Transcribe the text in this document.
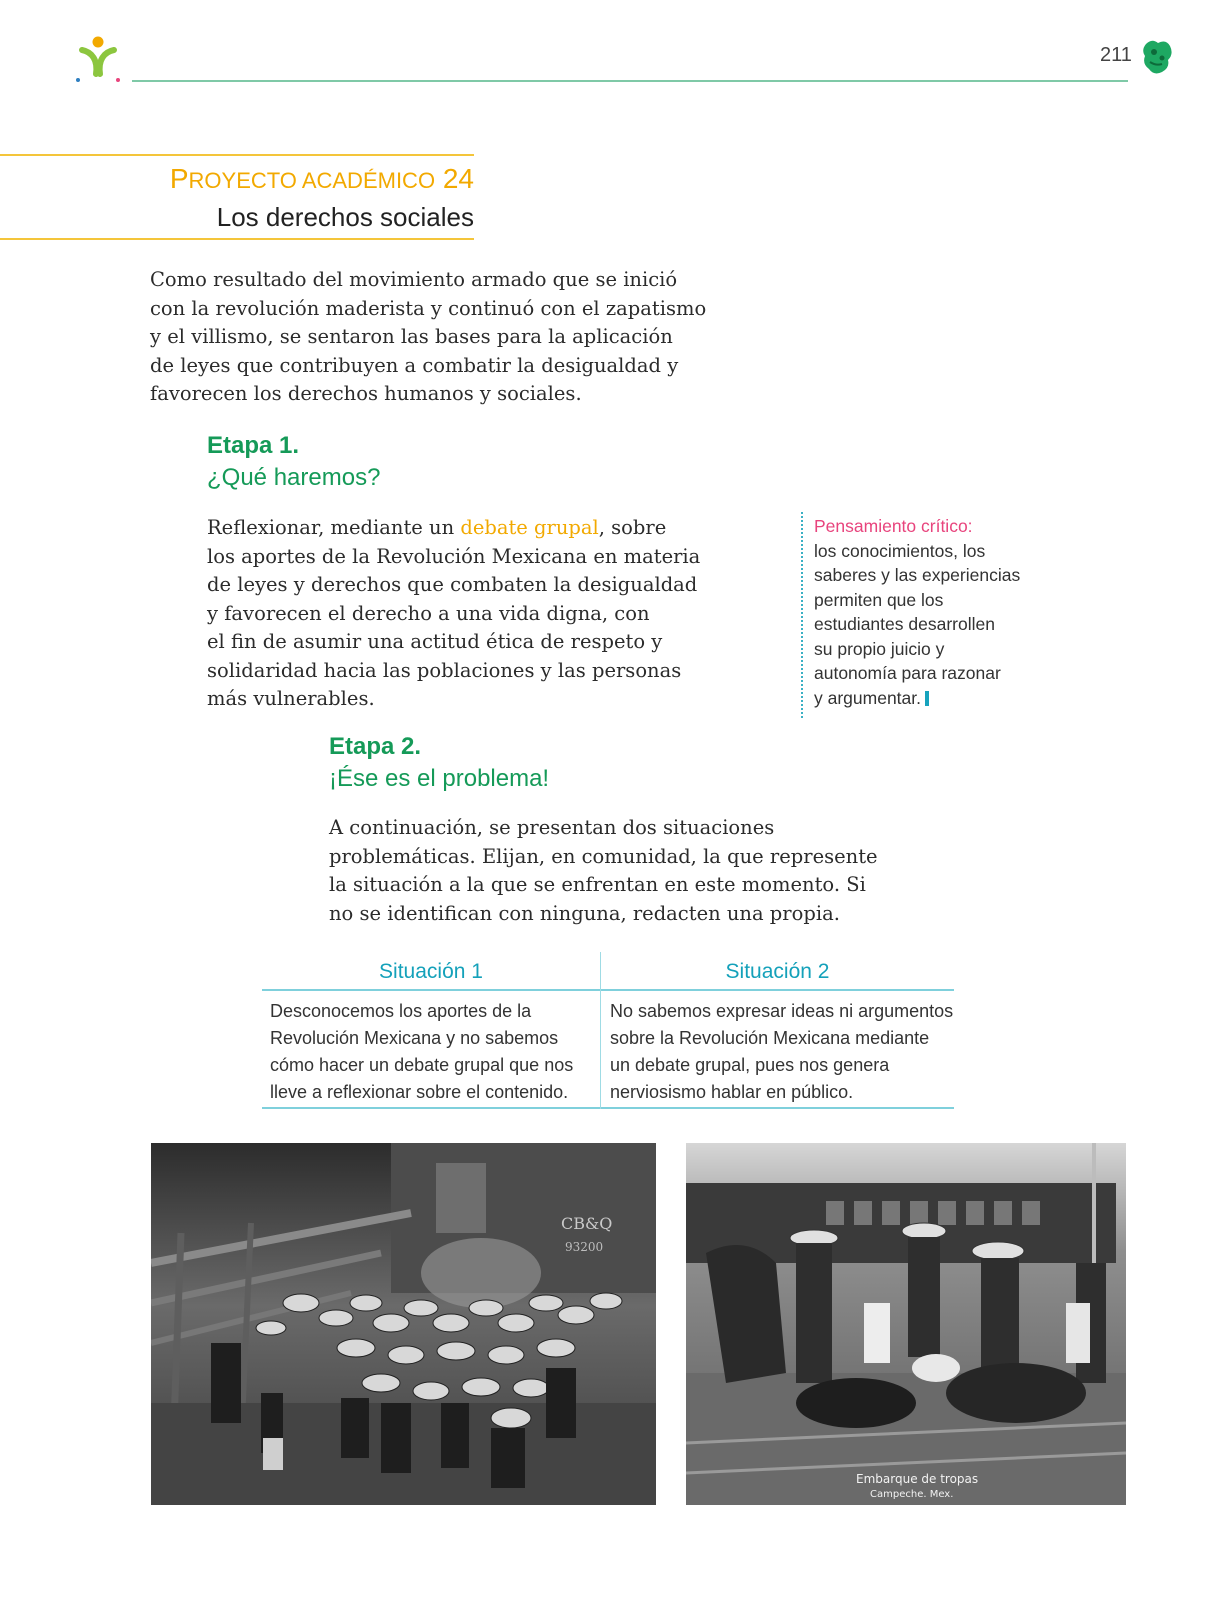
211
PROYECTO ACADÉMICO 24
Los derechos sociales
Como resultado del movimiento armado que se inició
con la revolución maderista y continuó con el zapatismo
y el villismo, se sentaron las bases para la aplicación
de leyes que contribuyen a combatir la desigualdad y
favorecen los derechos humanos y sociales.
Etapa 1.
¿Qué haremos?
Reflexionar, mediante un debate grupal, sobre
los aportes de la Revolución Mexicana en materia
de leyes y derechos que combaten la desigualdad
y favorecen el derecho a una vida digna, con
el fin de asumir una actitud ética de respeto y
solidaridad hacia las poblaciones y las personas
más vulnerables.
Pensamiento crítico:
los conocimientos, los
saberes y las experiencias
permiten que los
estudiantes desarrollen
su propio juicio y
autonomía para razonar
y argumentar.
Etapa 2.
¡Ése es el problema!
A continuación, se presentan dos situaciones
problemáticas. Elijan, en comunidad, la que represente
la situación a la que se enfrentan en este momento. Si
no se identifican con ninguna, redacten una propia.
Situación 1	Situación 2
Desconocemos los aportes de la
Revolución Mexicana y no sabemos
cómo hacer un debate grupal que nos
lleve a reflexionar sobre el contenido.
No sabemos expresar ideas ni argumentos
sobre la Revolución Mexicana mediante
un debate grupal, pues nos genera
nerviosismo hablar en público.
CB&Q
93200
Embarque de tropas
Campeche. Mex.
